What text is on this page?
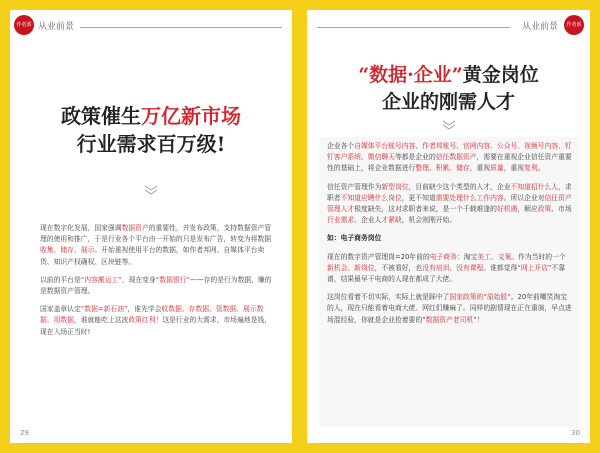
作者部 从业前景
政策催生万亿新市场
行业需求百万级!

现在数字化发展，国家强调数据资产的重要性，并发布政策，支持数据资产管理的使用和推广，于是行业各个平台由一开始的只是发布广告，转变为将数据收集、储存、展示。开始重视使用平台的数据，如作者邦网、自媒体平台卖货、知识产权确权、区块链等。

以前的平台是“内容搬运工”，现在变身“数据银行”——存的是行为数据，赚的是数据资产管理。

国家盖章认定“数据=新石油”，谁先学会收数据、存数据、管数据、展示数据、用数据，谁就能吃上这波政策红利！这是行业的大需求，市场遍地是钱，现在入场正当时!

29
从业前景	作者部
“数据·企业”黄金岗位
企业的刚需人才

企业各个自媒体平台账号内容、作者邦账号、官网内容、公众号、视频号内容、钉钉客户系统、微信聊天等都是企业的信任数据资产，需要在重视企业信任资产重要性的基础上，将企业数据进行整理、积累、储存，重视质量，重视复利。

信任资产管理作为新型岗位，目前缺少这个类型的人才，企业不知道招什么人，求职者不知道应聘什么岗位，更不知道需要处理什么工作内容。所以企业对信任资产管理人才极度缺失，这对求职者来说，是一个千载难逢的好机遇，顺应政策、市场行业需求、企业人才紧缺，机会则刚开始。

如：电子商务岗位

现在的数字资产管理岗=20年前的电子商务：淘宝美工、文案。作为当时的一个新机会、新岗位，不被看好，也没有培训、没有课程。谁都觉得“网上开店”不靠谱，结果最早干电商的人现在都成了大佬。

这岗位看着不切实际，实际上就是踩中了国家政策的“原始股”。20年前嘲笑淘宝的人，现在只能看着电商大佬、网红们赚麻了。同样的剧情现在正在重演，早点进场混经验，你就是企业抢着要的“数据资产老司机”！

30
